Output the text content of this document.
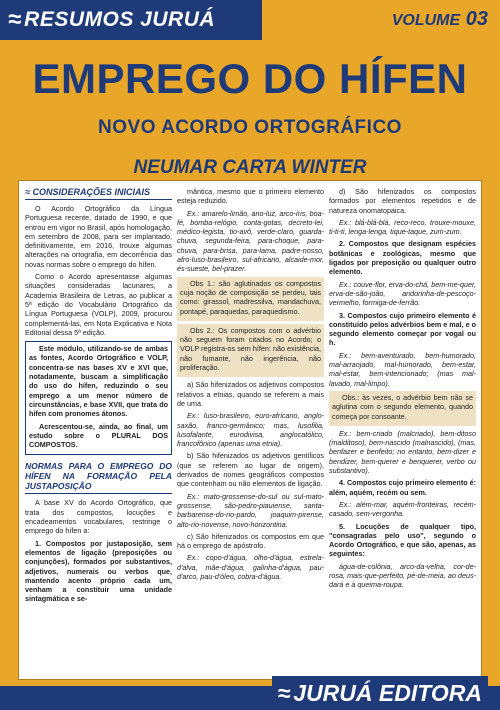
≈ RESUMOS JURUÁ	VOLUME 03
EMPREGO DO HÍFEN
NOVO ACORDO ORTOGRÁFICO
NEUMAR CARTA WINTER
≈ CONSIDERAÇÕES INICIAIS

O Acordo Ortográfico da Língua Portuguesa recente, datado de 1990, e que entrou em vigor no Brasil, após homologação, em setembro de 2008, para ser implantado, definitivamente, em 2016, trouxe algumas alterações na ortografia, em decorrência das novas normas sobre o emprego do hífen.

Como o Acordo apresentasse algumas situações consideradas lacunares, a Academia Brasileira de Letras, ao publicar a 5ª edição do Vocabulário Ortográfico da Língua Portuguesa (VOLP), 2009, procurou complementá-las, em Nota Explicativa e Nota Editorial dessa 5ª edição.

Este módulo, utilizando-se de ambas as fontes, Acordo Ortográfico e VOLP, concentra-se nas bases XV e XVI que, notadamente, buscam a simplificação do uso do hífen, reduzindo o seu emprego a um menor número de circunstâncias, e base XVII, que trata do hífen com pronomes átonos.

Acrescentou-se, ainda, ao final, um estudo sobre o PLURAL DOS COMPOSTOS.

NORMAS PARA O EMPREGO DO HÍFEN NA FORMAÇÃO PELA JUSTAPOSIÇÃO

A base XV do Acordo Ortográfico, que trata dos compostos, locuções e encadeamentos vocabulares, restringe o emprego do hífen a:

1. Compostos por justaposição, sem elementos de ligação (preposições ou conjunções), formados por substantivos, adjetivos, numerais ou verbos que, mantendo acento próprio cada um, venham a constituir uma unidade sintagmática e se-

mântica, mesmo que o primeiro elemento esteja reduzido.

Ex.: amarelo-limão, ano-luz, arco-íris, boa-fé, bomba-relógio, conta-gotas, decreto-lei, médico-legista, tio-avô, verde-claro, guarda-chuva, segunda-feira, para-choque, para-chuva, para-brisa, para-lama, padre-nosso, afro-luso-brasileiro, sul-africano, alcaide-mor, és-sueste, bel-prazer.

Obs 1.: são aglutinados os compostos cuja noção de composição se perdeu, tais como: girassol, madressilva, mandachuva, pontapé, paraquedas, paraquedismo.

Obs 2.: Os compostos com o advérbio não seguem foram citados no Acordo; o VOLP registra-os sem hífen: não existência, não fumante, não ingerência, não proliferação.

a) São hifenizados os adjetivos compostos relativos a etnias, quando se referem a mais de uma.

Ex.: luso-brasileiro, euro-africano, anglo-saxão, franco-germânico; mas, lusofilia, lusofalante, eurodivisa, anglocatólico, francofônico (apenas uma etnia).

b) São hifenizados os adjetivos gentílicos (que se referem ao lugar de origem), derivados de nomes geográficos compostos que contenham ou não elementos de ligação.

Ex.: mato-grossense-do-sul ou sul-mato-grossense, são-pedro-piauiense, santa-barbarense-do-rio-pardo, joaquim-pirense, alto-rio-novense, novo-horizontina.

c) São hifenizados os compostos em que há o emprego de apóstrofo.

Ex.: copo-d'água, olho-d'água, estrela-d'alva, mãe-d'água, galinha-d'água, pau-d'arco, pau-d'óleo, cobra-d'água.

d) São hifenizados os compostos formados por elementos repetidos e de natureza onomatopaica.

Ex.: blá-blá-blá, reco-reco, trouxe-mouxe, ti-ti-ti, lenga-lenga, tique-taque, zum-zum.

2. Compostos que designam espécies botânicas e zoológicas, mesmo que ligados por preposição ou qualquer outro elemento.

Ex.: couve-flor, erva-do-chá, bem-me-quer, erva-de-são-joão, andorinha-de-pescoço-vermelho, formiga-de-ferrão.

3. Compostos cujo primeiro elemento é constituído pelos advérbios bem e mal, e o segundo elemento começar por vogal ou h.

Ex.: bem-aventurado, bem-humorado, mal-arranjado, mal-humorado, bem-estar, mal-estar, bem-intencionado; (mas mal-lavado, mal-limpo).

Obs.: às vezes, o advérbio bem não se aglutina com o segundo elemento, quando começa por consoante.

Ex.: bem-criado (malcriado), bem-ditoso (malditoso), bem-nascido (malnascido), (mas, benfazer e benfeito; no entanto, bem-dizer e bendizer, bem-querer e benquerer, verbo ou substantivo).

4. Compostos cujo primeiro elemento é: além, aquém, recém ou sem.

Ex.: além-mar, aquém-fronteiras, recém-casado, sem-vergonha.

5. Locuções de qualquer tipo, "consagradas pelo uso", segundo o Acordo Ortográfico, e que são, apenas, as seguintes:

água-de-colônia, arco-da-velha, cor-de-rosa, mais-que-perfeito, pé-de-meia, ao deus-dará e à queima-roupa.

≈ JURUÁ EDITORA
